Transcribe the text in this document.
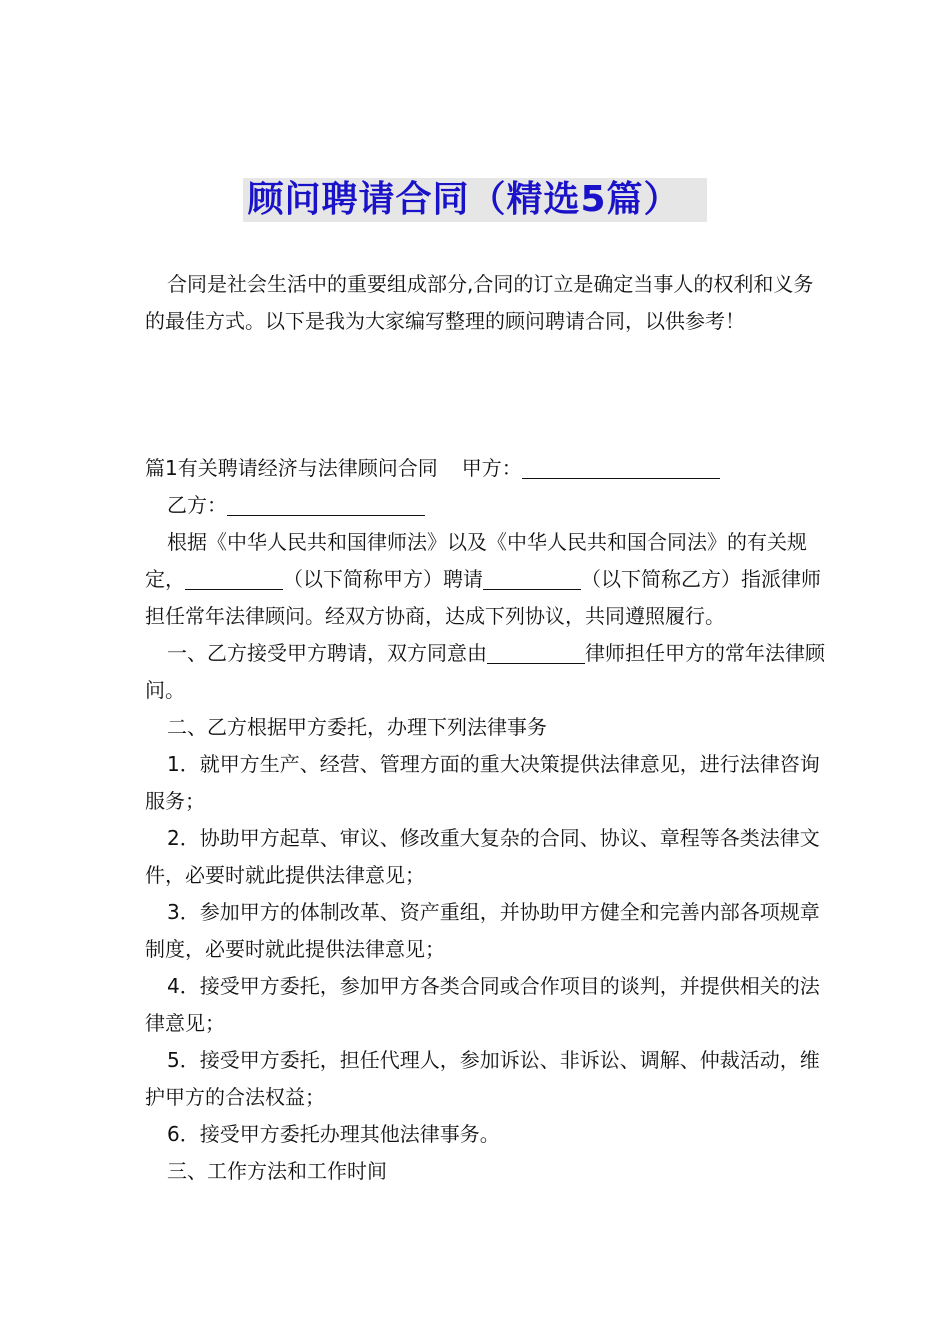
顾问聘请合同（精选5篇）

合同是社会生活中的重要组成部分,合同的订立是确定当事人的权利和义务的最佳方式。以下是我为大家编写整理的顾问聘请合同，以供参考！

篇1有关聘请经济与法律顾问合同 甲方：

乙方：

根据《中华人民共和国律师法》以及《中华人民共和国合同法》的有关规定，	（以下简称甲方）聘请	（以下简称乙方）指派律师担任常年法律顾问。经双方协商，达成下列协议，共同遵照履行。

一、乙方接受甲方聘请，双方同意由	律师担任甲方的常年法律顾问。

二、乙方根据甲方委托，办理下列法律事务

1．就甲方生产、经营、管理方面的重大决策提供法律意见，进行法律咨询服务；

2．协助甲方起草、审议、修改重大复杂的合同、协议、章程等各类法律文件，必要时就此提供法律意见；

3．参加甲方的体制改革、资产重组，并协助甲方健全和完善内部各项规章制度，必要时就此提供法律意见；

4．接受甲方委托，参加甲方各类合同或合作项目的谈判，并提供相关的法律意见；

5．接受甲方委托，担任代理人，参加诉讼、非诉讼、调解、仲裁活动，维护甲方的合法权益；

6．接受甲方委托办理其他法律事务。

三、工作方法和工作时间
